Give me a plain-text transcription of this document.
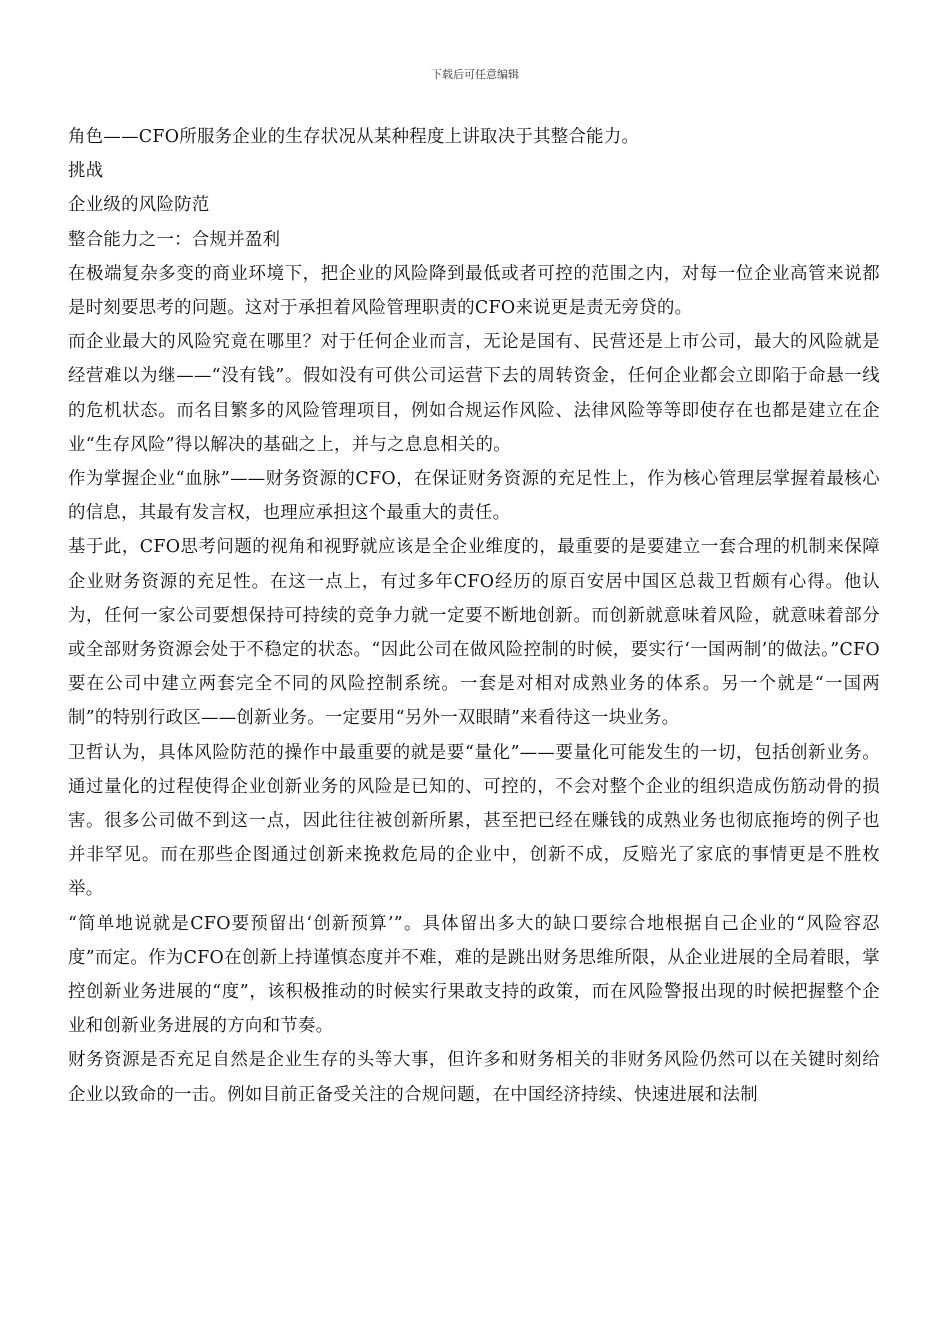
下载后可任意编辑

角色——CFO所服务企业的生存状况从某种程度上讲取决于其整合能力。

挑战

企业级的风险防范

整合能力之一：合规并盈利

在极端复杂多变的商业环境下，把企业的风险降到最低或者可控的范围之内，对每一位企业高管来说都是时刻要思考的问题。这对于承担着风险管理职责的CFO来说更是责无旁贷的。

而企业最大的风险究竟在哪里？对于任何企业而言，无论是国有、民营还是上市公司，最大的风险就是经营难以为继——“没有钱”。假如没有可供公司运营下去的周转资金，任何企业都会立即陷于命悬一线的危机状态。而名目繁多的风险管理项目，例如合规运作风险、法律风险等等即使存在也都是建立在企业“生存风险”得以解决的基础之上，并与之息息相关的。

作为掌握企业“血脉”——财务资源的CFO，在保证财务资源的充足性上，作为核心管理层掌握着最核心的信息，其最有发言权，也理应承担这个最重大的责任。

基于此，CFO思考问题的视角和视野就应该是全企业维度的，最重要的是要建立一套合理的机制来保障企业财务资源的充足性。在这一点上，有过多年CFO经历的原百安居中国区总裁卫哲颇有心得。他认为，任何一家公司要想保持可持续的竞争力就一定要不断地创新。而创新就意味着风险，就意味着部分或全部财务资源会处于不稳定的状态。“因此公司在做风险控制的时候，要实行‘一国两制’的做法。”CFO要在公司中建立两套完全不同的风险控制系统。一套是对相对成熟业务的体系。另一个就是“一国两制”的特别行政区——创新业务。一定要用“另外一双眼睛”来看待这一块业务。

卫哲认为，具体风险防范的操作中最重要的就是要“量化”——要量化可能发生的一切，包括创新业务。通过量化的过程使得企业创新业务的风险是已知的、可控的，不会对整个企业的组织造成伤筋动骨的损害。很多公司做不到这一点，因此往往被创新所累，甚至把已经在赚钱的成熟业务也彻底拖垮的例子也并非罕见。而在那些企图通过创新来挽救危局的企业中，创新不成，反赔光了家底的事情更是不胜枚举。

“简单地说就是CFO要预留出‘创新预算’”。具体留出多大的缺口要综合地根据自己企业的“风险容忍度”而定。作为CFO在创新上持谨慎态度并不难，难的是跳出财务思维所限，从企业进展的全局着眼，掌控创新业务进展的“度”，该积极推动的时候实行果敢支持的政策，而在风险警报出现的时候把握整个企业和创新业务进展的方向和节奏。

财务资源是否充足自然是企业生存的头等大事，但许多和财务相关的非财务风险仍然可以在关键时刻给企业以致命的一击。例如目前正备受关注的合规问题，在中国经济持续、快速进展和法制
